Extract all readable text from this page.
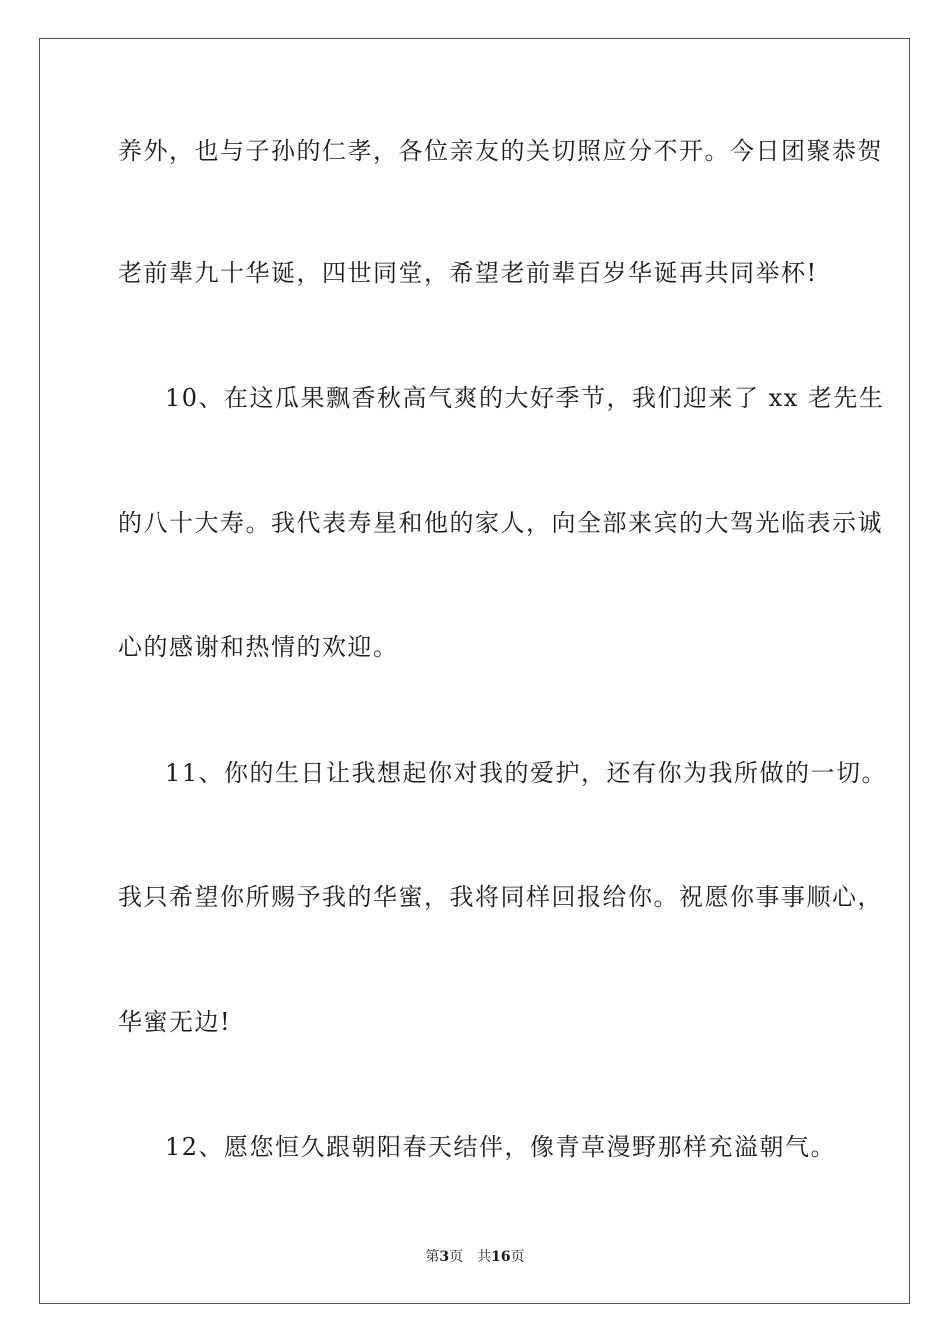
养外，也与子孙的仁孝，各位亲友的关切照应分不开。今日团聚恭贺
老前辈九十华诞，四世同堂，希望老前辈百岁华诞再共同举杯!
10、在这瓜果飘香秋高气爽的大好季节，我们迎来了 xx 老先生
的八十大寿。我代表寿星和他的家人，向全部来宾的大驾光临表示诚
心的感谢和热情的欢迎。
11、你的生日让我想起你对我的爱护，还有你为我所做的一切。
我只希望你所赐予我的华蜜，我将同样回报给你。祝愿你事事顺心，
华蜜无边!
12、愿您恒久跟朝阳春天结伴，像青草漫野那样充溢朝气。
第3页　共16页
